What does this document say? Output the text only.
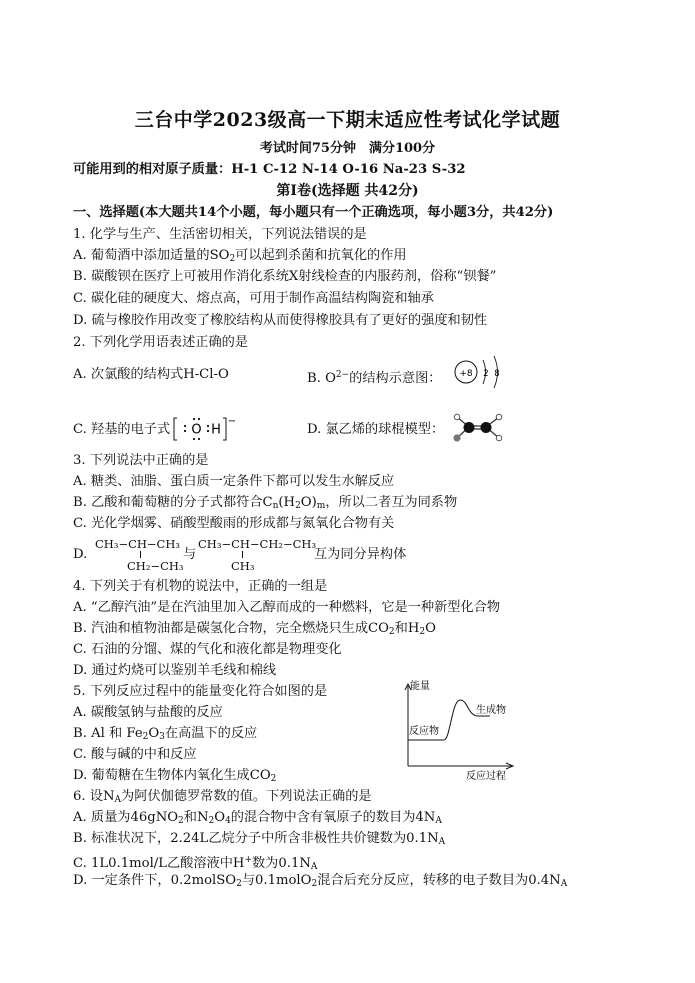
三台中学2023级高一下期末适应性考试化学试题
考试时间75分钟　满分100分
可能用到的相对原子质量：H-1 C-12 N-14 O-16 Na-23 S-32
第I卷(选择题 共42分)
一、选择题(本大题共14个小题，每小题只有一个正确选项，每小题3分，共42分)
1. 化学与生产、生活密切相关，下列说法错误的是
A. 葡萄酒中添加适量的$SO_2$可以起到杀菌和抗氧化的作用
B. 碳酸钡在医疗上可被用作消化系统X射线检查的内服药剂，俗称“钡餐”
C. 碳化硅的硬度大、熔点高，可用于制作高温结构陶瓷和轴承
D. 硫与橡胶作用改变了橡胶结构从而使得橡胶具有了更好的强度和韧性
2. 下列化学用语表述正确的是
A. 次氯酸的结构式H-Cl-O	B. $O^{2-}$的结构示意图： +8 2 8
C. 羟基的电子式 O H
−
D. 氯乙烯的球棍模型：
3. 下列说法中正确的是
A. 糖类、油脂、蛋白质一定条件下都可以发生水解反应
B. 乙酸和葡萄糖的分子式都符合$C_n(H_2O)_m$，所以二者互为同系物
C. 光化学烟雾、硝酸型酸雨的形成都与氮氧化合物有关
D.
CH₃−CH−CH₃
CH₂−CH₃
与
CH₃−CH−CH₂−CH₃
CH₃
互为同分异构体
4. 下列关于有机物的说法中，正确的一组是
A. “乙醇汽油”是在汽油里加入乙醇而成的一种燃料，它是一种新型化合物
B. 汽油和植物油都是碳氢化合物，完全燃烧只生成$CO_2$和$H_2O$
C. 石油的分馏、煤的气化和液化都是物理变化
D. 通过灼烧可以鉴别羊毛线和棉线
5. 下列反应过程中的能量变化符合如图的是
A. 碳酸氢钠与盐酸的反应
B. Al 和 $Fe_2O_3$在高温下的反应
C. 酸与碱的中和反应
D. 葡萄糖在生物体内氧化生成$CO_2$
能量
反应过程
反应物
生成物
6. 设$N_A$为阿伏伽德罗常数的值。下列说法正确的是
A. 质量为46gNO$_2$和$N_2O_4$的混合物中含有氧原子的数目为$4N_A$
B. 标准状况下，2.24L乙烷分子中所含非极性共价键数为$0.1N_A$
C. 1L0.1mol/L乙酸溶液中H+数为$0.1N_A$
D. 一定条件下，0.2molSO$_2$与0.1molO$_2$混合后充分反应，转移的电子数目为$0.4N_A$
